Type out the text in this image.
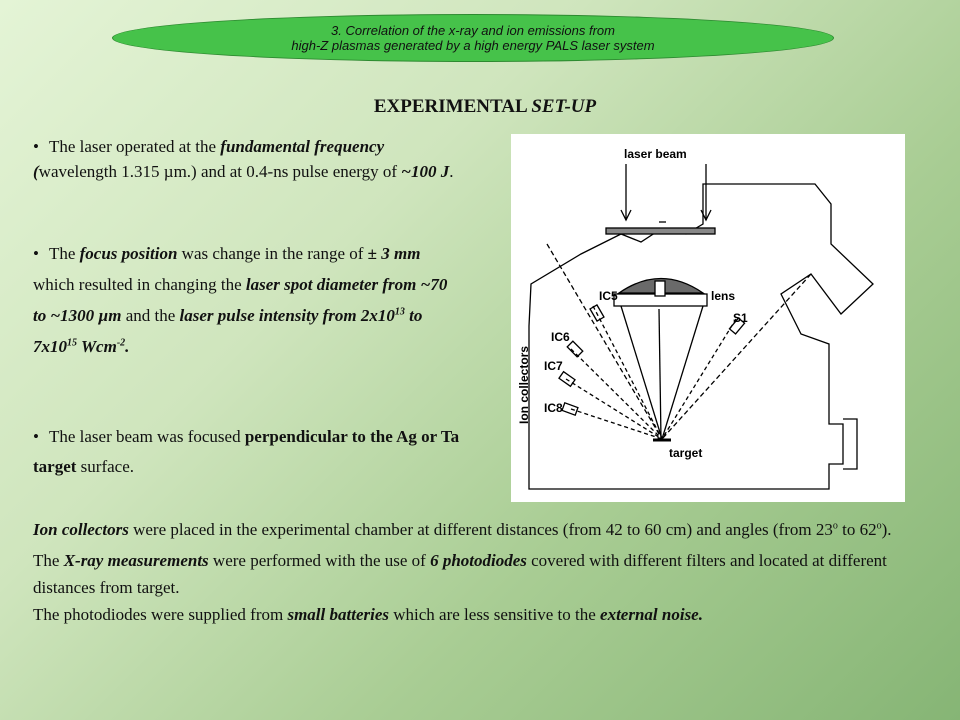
3. Correlation of the x-ray and ion emissions from
high-Z plasmas generated by a high energy PALS laser system
EXPERIMENTAL SET-UP
• The laser operated at the fundamental frequency (wavelength 1.315 µm.) and at 0.4-ns pulse energy of ~100 J.
• The focus position was change in the range of ± 3 mm which resulted in changing the laser spot diameter from ~70 to ~1300 µm and the laser pulse intensity from $2x10^{13}$ to $7x10^{15}$ Wcm$^{-2}$.
• The laser beam was focused perpendicular to the Ag or Ta target surface.
laser beam
lens
IC5
IC6
IC7
IC8
S1
target
Ion collectors

Ion collectors were placed in the experimental chamber at different distances (from 42 to 60 cm) and angles (from 23$^o$ to 62$^o$).

The X-ray measurements were performed with the use of 6 photodiodes covered with different filters and located at different distances from target.

The photodiodes were supplied from small batteries which are less sensitive to the external noise.
